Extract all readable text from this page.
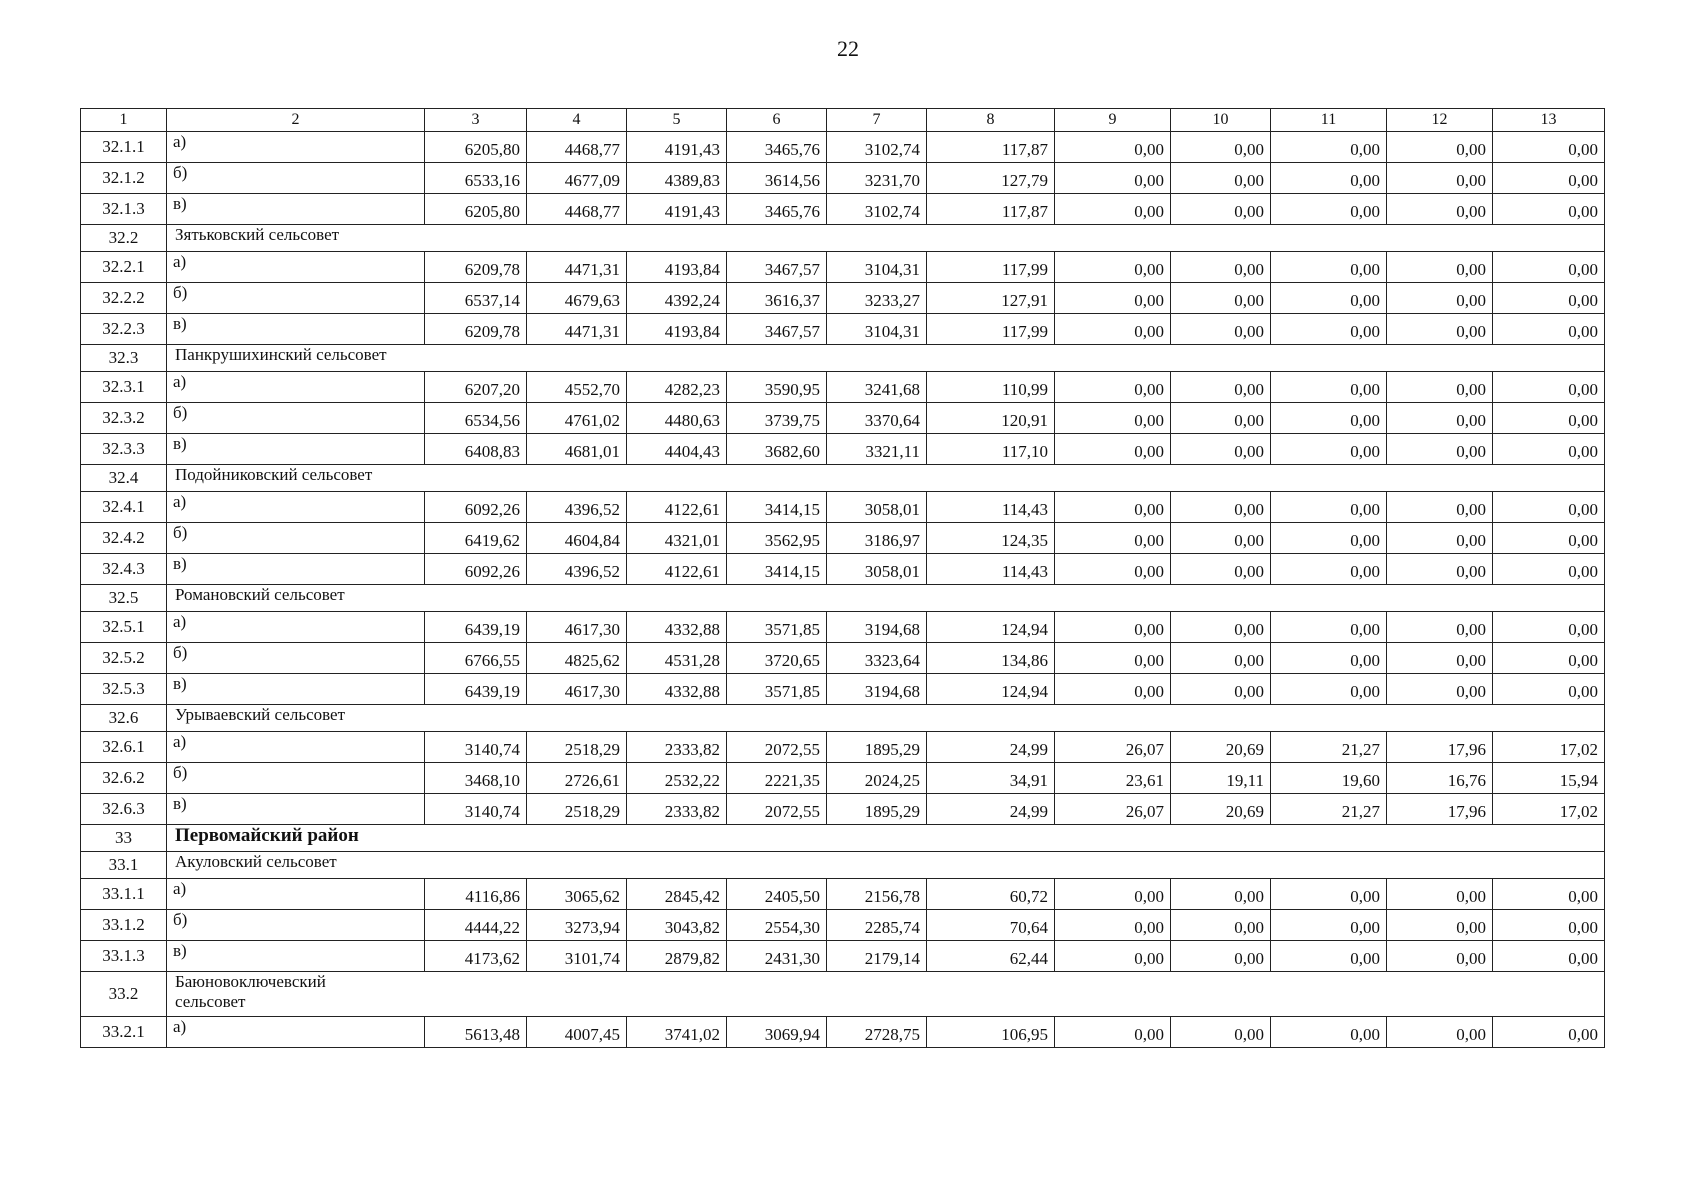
22
1	2	3	4	5	6	7	8	9	10	11	12	13
32.1.1	а)	6205,80	4468,77	4191,43	3465,76	3102,74	117,87	0,00	0,00	0,00	0,00	0,00
32.1.2	б)	6533,16	4677,09	4389,83	3614,56	3231,70	127,79	0,00	0,00	0,00	0,00	0,00
32.1.3	в)	6205,80	4468,77	4191,43	3465,76	3102,74	117,87	0,00	0,00	0,00	0,00	0,00
32.2	Зятьковский сельсовет											
32.2.1	а)	6209,78	4471,31	4193,84	3467,57	3104,31	117,99	0,00	0,00	0,00	0,00	0,00
32.2.2	б)	6537,14	4679,63	4392,24	3616,37	3233,27	127,91	0,00	0,00	0,00	0,00	0,00
32.2.3	в)	6209,78	4471,31	4193,84	3467,57	3104,31	117,99	0,00	0,00	0,00	0,00	0,00
32.3	Панкрушихинский сельсовет											
32.3.1	а)	6207,20	4552,70	4282,23	3590,95	3241,68	110,99	0,00	0,00	0,00	0,00	0,00
32.3.2	б)	6534,56	4761,02	4480,63	3739,75	3370,64	120,91	0,00	0,00	0,00	0,00	0,00
32.3.3	в)	6408,83	4681,01	4404,43	3682,60	3321,11	117,10	0,00	0,00	0,00	0,00	0,00
32.4	Подойниковский сельсовет											
32.4.1	а)	6092,26	4396,52	4122,61	3414,15	3058,01	114,43	0,00	0,00	0,00	0,00	0,00
32.4.2	б)	6419,62	4604,84	4321,01	3562,95	3186,97	124,35	0,00	0,00	0,00	0,00	0,00
32.4.3	в)	6092,26	4396,52	4122,61	3414,15	3058,01	114,43	0,00	0,00	0,00	0,00	0,00
32.5	Романовский сельсовет											
32.5.1	а)	6439,19	4617,30	4332,88	3571,85	3194,68	124,94	0,00	0,00	0,00	0,00	0,00
32.5.2	б)	6766,55	4825,62	4531,28	3720,65	3323,64	134,86	0,00	0,00	0,00	0,00	0,00
32.5.3	в)	6439,19	4617,30	4332,88	3571,85	3194,68	124,94	0,00	0,00	0,00	0,00	0,00
32.6	Урываевский сельсовет											
32.6.1	а)	3140,74	2518,29	2333,82	2072,55	1895,29	24,99	26,07	20,69	21,27	17,96	17,02
32.6.2	б)	3468,10	2726,61	2532,22	2221,35	2024,25	34,91	23,61	19,11	19,60	16,76	15,94
32.6.3	в)	3140,74	2518,29	2333,82	2072,55	1895,29	24,99	26,07	20,69	21,27	17,96	17,02
33	Первомайский район											
33.1	Акуловский сельсовет											
33.1.1	а)	4116,86	3065,62	2845,42	2405,50	2156,78	60,72	0,00	0,00	0,00	0,00	0,00
33.1.2	б)	4444,22	3273,94	3043,82	2554,30	2285,74	70,64	0,00	0,00	0,00	0,00	0,00
33.1.3	в)	4173,62	3101,74	2879,82	2431,30	2179,14	62,44	0,00	0,00	0,00	0,00	0,00
33.2	Баюновоключевский сельсовет											
33.2.1	а)	5613,48	4007,45	3741,02	3069,94	2728,75	106,95	0,00	0,00	0,00	0,00	0,00
